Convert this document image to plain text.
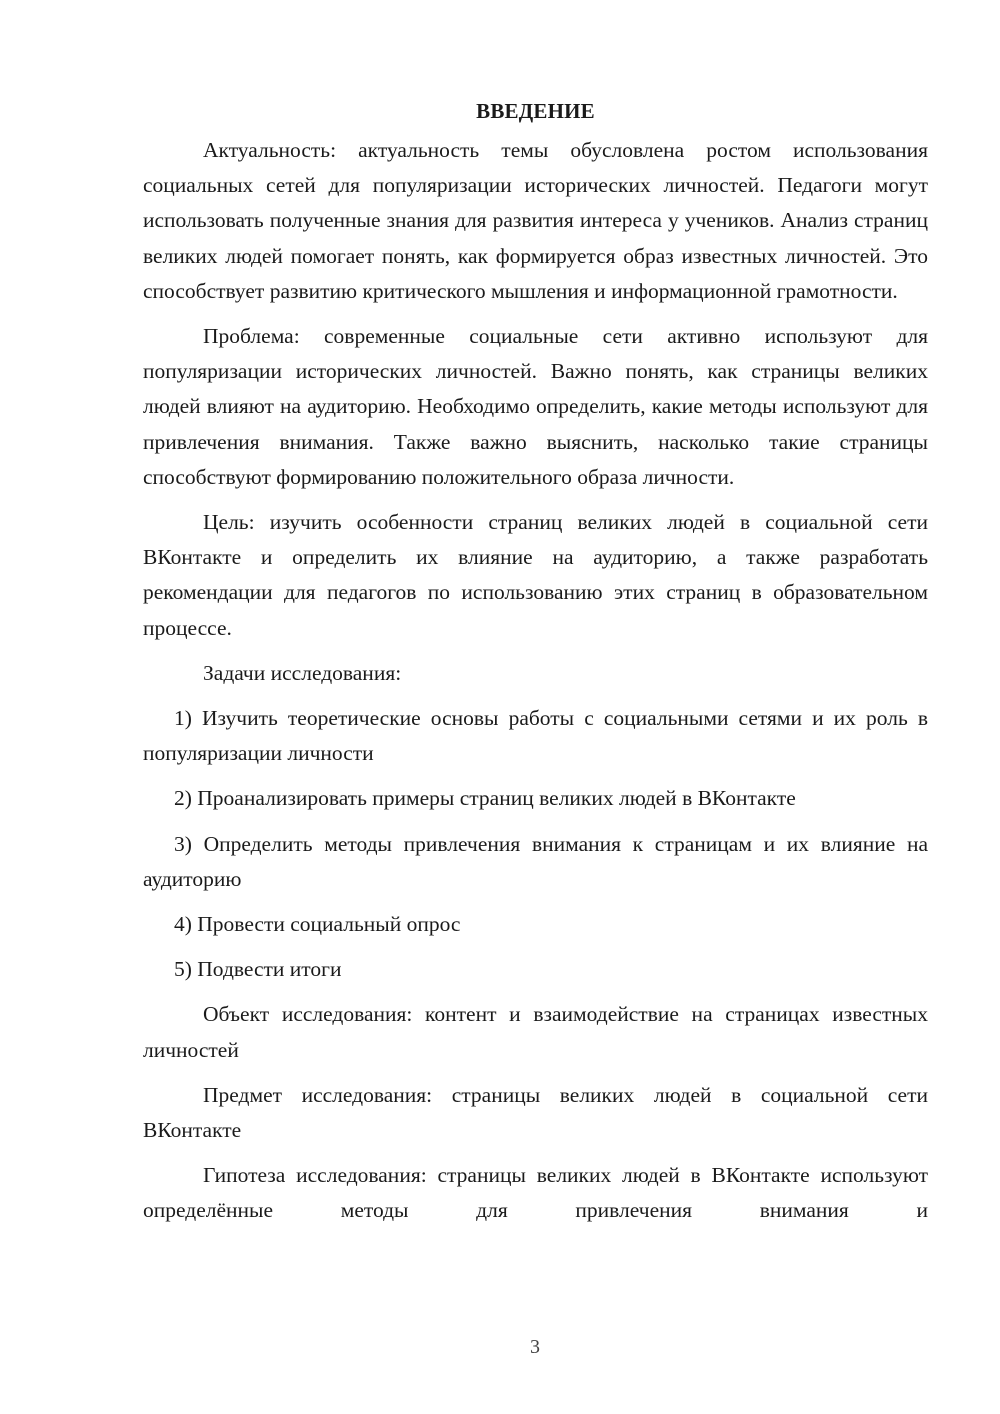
ВВЕДЕНИЕ

Актуальность: актуальность темы обусловлена ростом использования социальных сетей для популяризации исторических личностей. Педагоги могут использовать полученные знания для развития интереса у учеников. Анализ страниц великих людей помогает понять, как формируется образ известных личностей. Это способствует развитию критического мышления и информационной грамотности.

Проблема: современные социальные сети активно используют для популяризации исторических личностей. Важно понять, как страницы великих людей влияют на аудиторию. Необходимо определить, какие методы используют для привлечения внимания. Также важно выяснить, насколько такие страницы способствуют формированию положительного образа личности.

Цель: изучить особенности страниц великих людей в социальной сети ВКонтакте и определить их влияние на аудиторию, а также разработать рекомендации для педагогов по использованию этих страниц в образовательном процессе.

Задачи исследования:

1) Изучить теоретические основы работы с социальными сетями и их роль в популяризации личности

2) Проанализировать примеры страниц великих людей в ВКонтакте

3) Определить методы привлечения внимания к страницам и их влияние на аудиторию

4) Провести социальный опрос

5) Подвести итоги

Объект исследования: контент и взаимодействие на страницах известных личностей

Предмет исследования: страницы великих людей в социальной сети ВКонтакте

Гипотеза исследования: страницы великих людей в ВКонтакте используют определённые методы для привлечения внимания и

3
